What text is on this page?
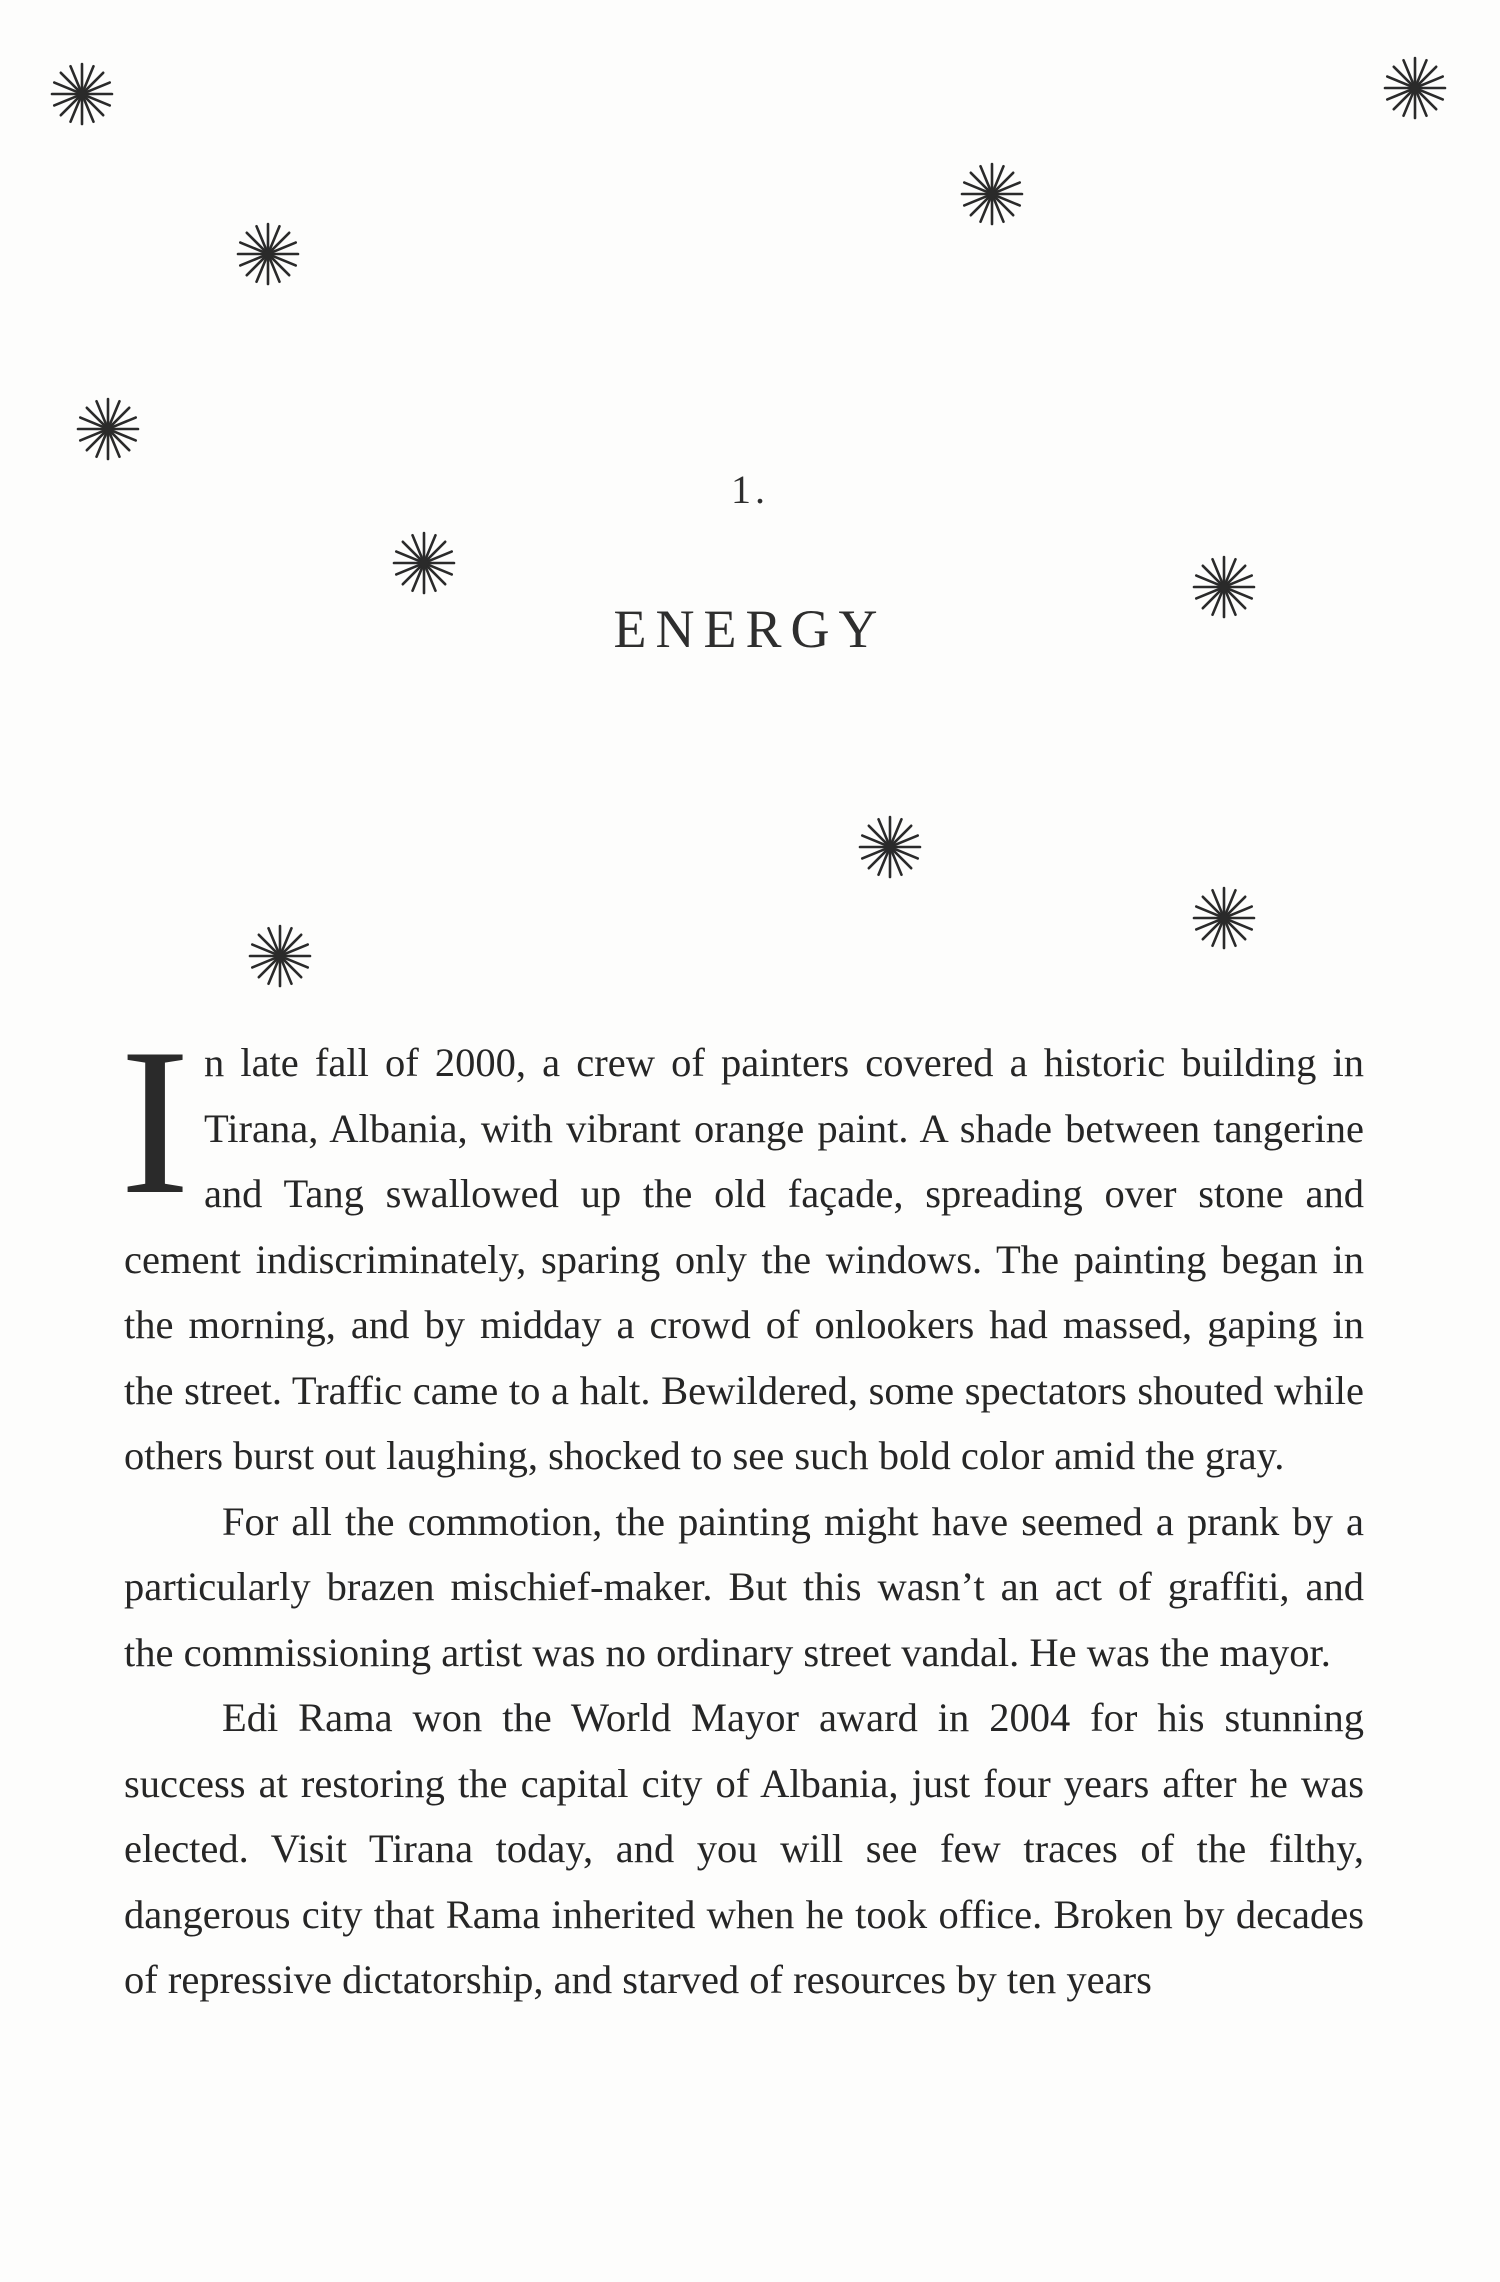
1.
ENERGY

In late fall of 2000, a crew of painters covered a historic building in Tirana, Albania, with vibrant orange paint. A shade between tangerine and Tang swallowed up the old façade, spreading over stone and cement indiscriminately, sparing only the windows. The painting began in the morning, and by midday a crowd of onlookers had massed, gaping in the street. Traffic came to a halt. Bewildered, some spectators shouted while others burst out laughing, shocked to see such bold color amid the gray.

For all the commotion, the painting might have seemed a prank by a particularly brazen mischief-maker. But this wasn’t an act of graffiti, and the commissioning artist was no ordinary street vandal. He was the mayor.

Edi Rama won the World Mayor award in 2004 for his stunning success at restoring the capital city of Albania, just four years after he was elected. Visit Tirana today, and you will see few traces of the filthy, dangerous city that Rama inherited when he took office. Broken by decades of repressive dictatorship, and starved of resources by ten years
